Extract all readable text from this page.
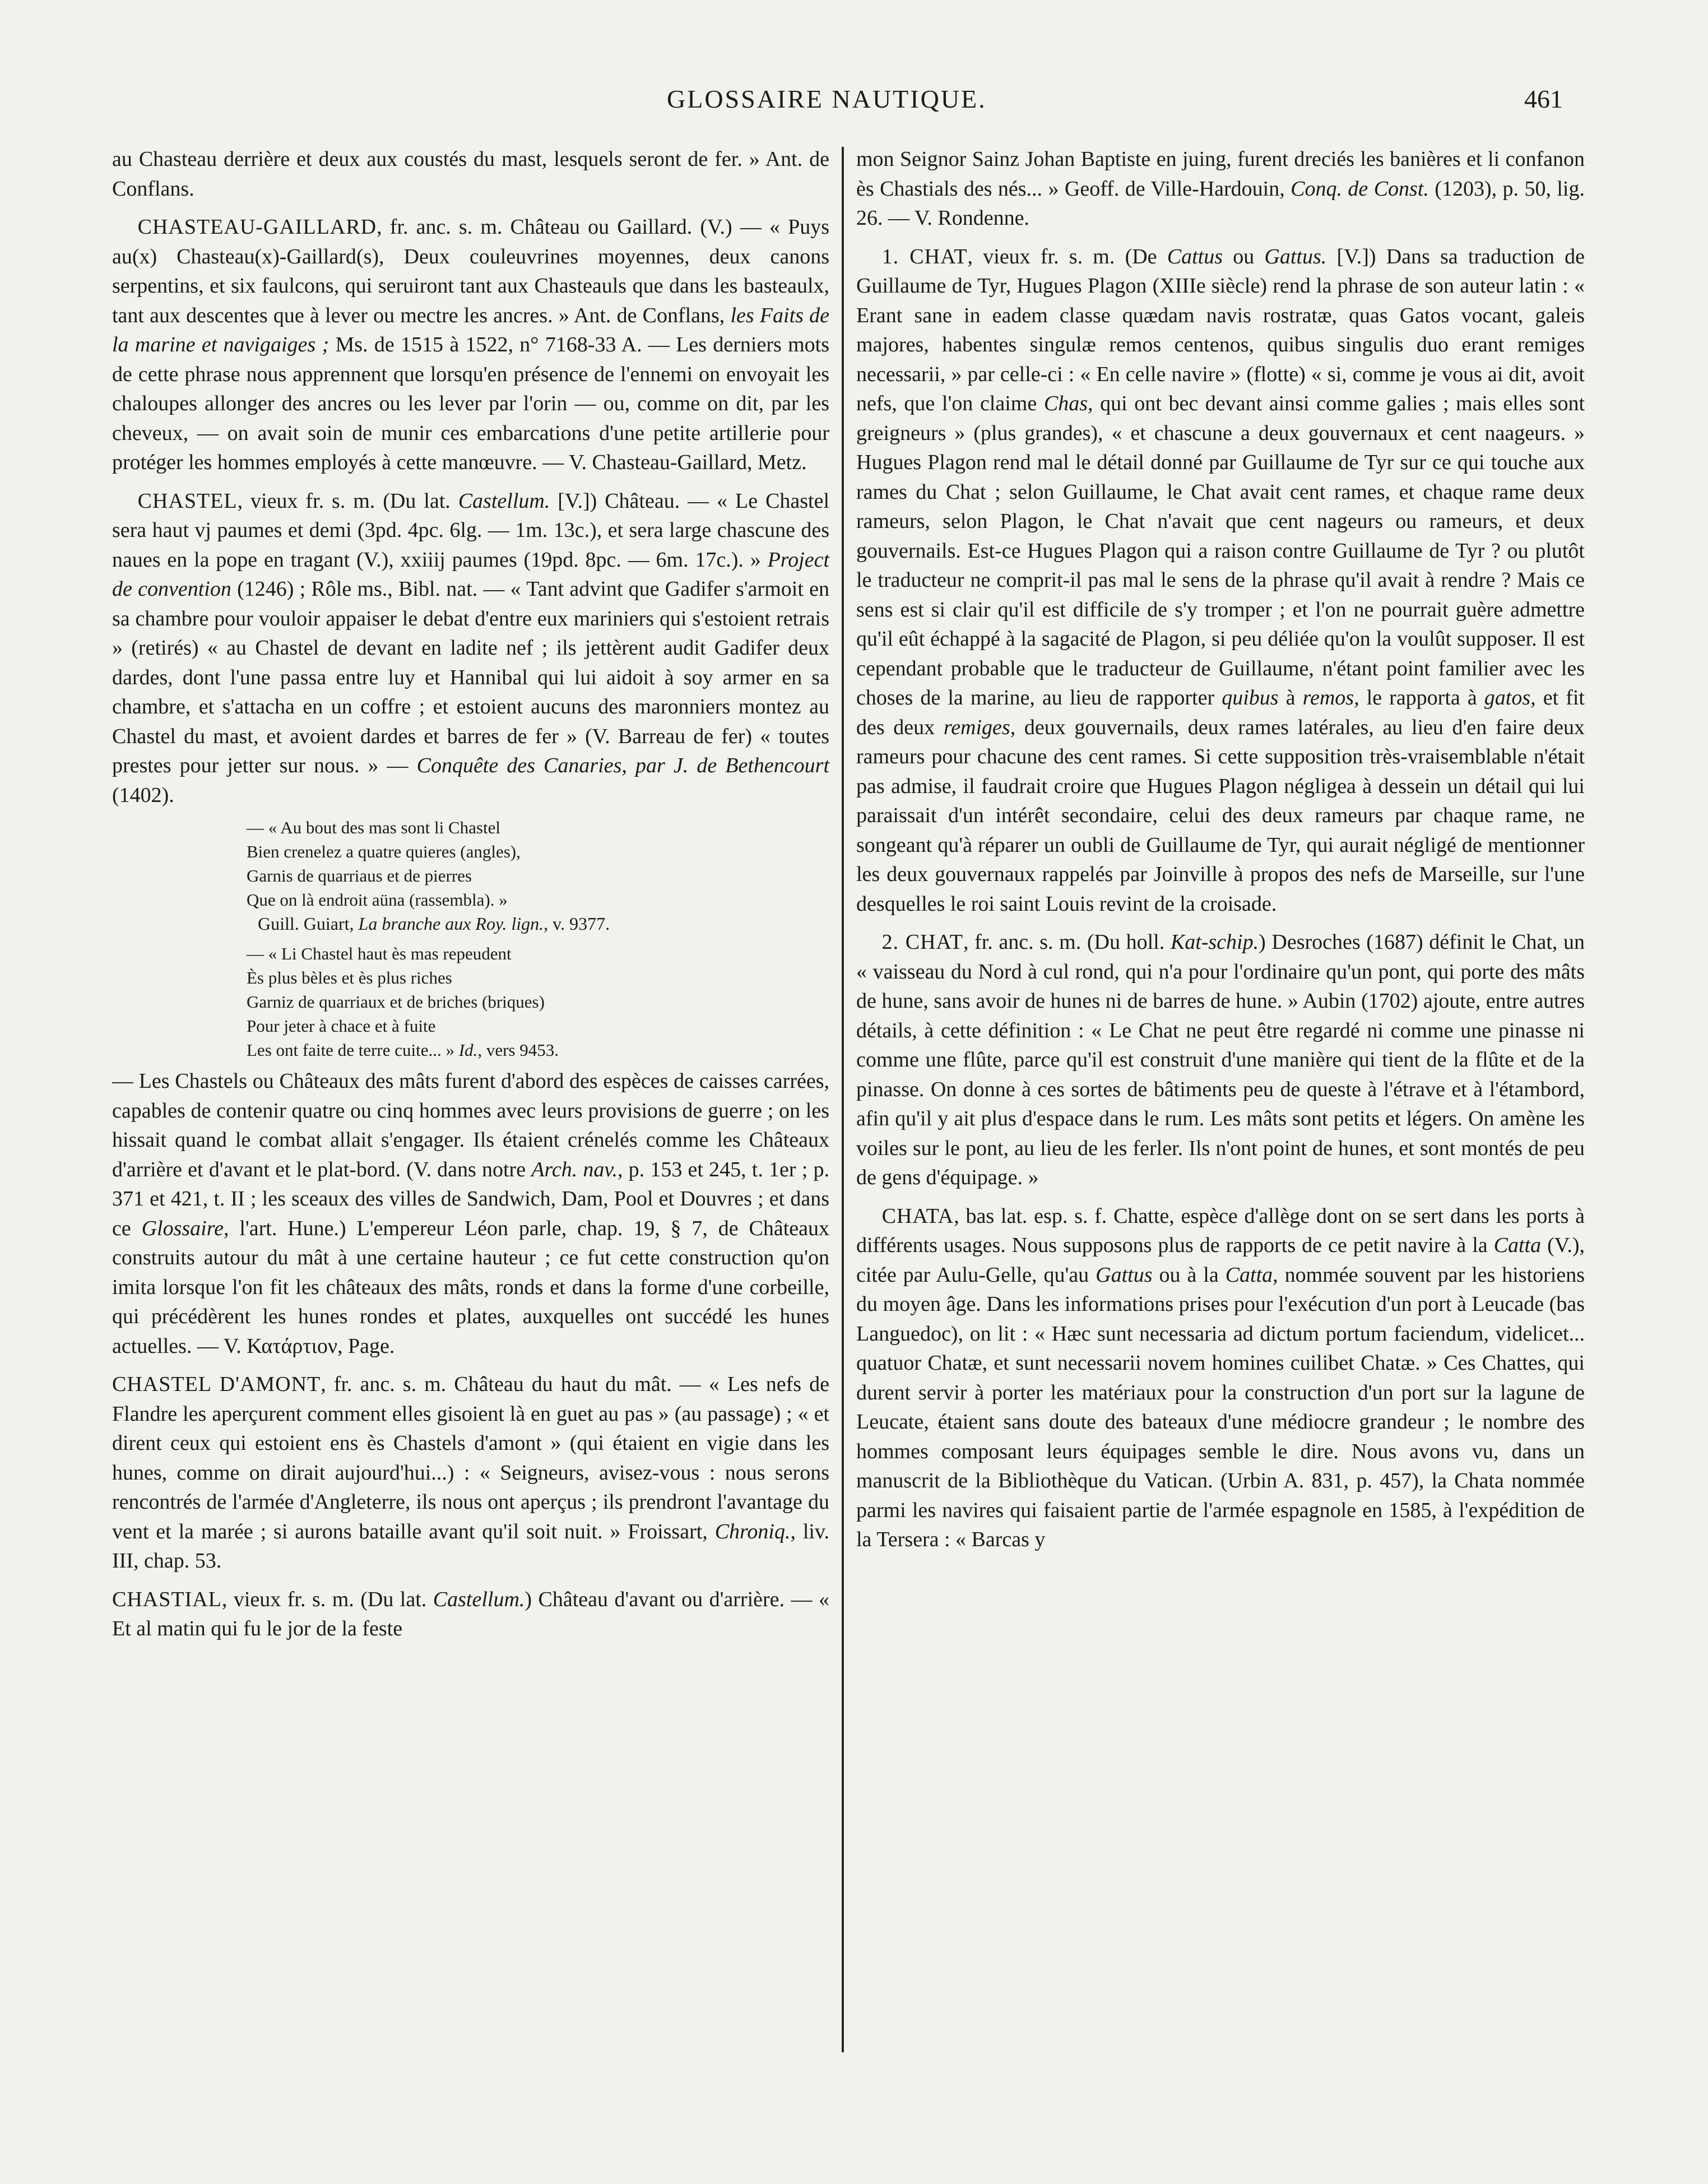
GLOSSAIRE NAUTIQUE.	461

au Chasteau derrière et deux aux coustés du mast, lesquels seront de fer. » Ant. de Conflans.

CHASTEAU-GAILLARD, fr. anc. s. m. Château ou Gaillard. (V.) — « Puys au(x) Chasteau(x)-Gaillard(s), Deux couleuvrines moyennes, deux canons serpentins, et six faulcons, qui seruiront tant aux Chasteauls que dans les basteaulx, tant aux descentes que à lever ou mectre les ancres. » Ant. de Conflans, les Faits de la marine et navigaiges ; Ms. de 1515 à 1522, n° 7168-33 A. — Les derniers mots de cette phrase nous apprennent que lorsqu'en présence de l'ennemi on envoyait les chaloupes allonger des ancres ou les lever par l'orin — ou, comme on dit, par les cheveux, — on avait soin de munir ces embarcations d'une petite artillerie pour protéger les hommes employés à cette manœuvre. — V. Chasteau-Gaillard, Metz.

CHASTEL, vieux fr. s. m. (Du lat. Castellum. [V.]) Château. — « Le Chastel sera haut vj paumes et demi (3pd. 4pc. 6lg. — 1m. 13c.), et sera large chascune des naues en la pope en tragant (V.), xxiiij paumes (19pd. 8pc. — 6m. 17c.). » Project de convention (1246) ; Rôle ms., Bibl. nat. — « Tant advint que Gadifer s'armoit en sa chambre pour vouloir appaiser le debat d'entre eux mariniers qui s'estoient retrais » (retirés) « au Chastel de devant en ladite nef ; ils jettèrent audit Gadifer deux dardes, dont l'une passa entre luy et Hannibal qui lui aidoit à soy armer en sa chambre, et s'attacha en un coffre ; et estoient aucuns des maronniers montez au Chastel du mast, et avoient dardes et barres de fer » (V. Barreau de fer) « toutes prestes pour jetter sur nous. » — Conquête des Canaries, par J. de Bethencourt (1402).

— « Au bout des mas sont li Chastel
Bien crenelez a quatre quieres (angles),
Garnis de quarriaus et de pierres
Que on là endroit aüna (rassembla). »
Guill. Guiart, La branche aux Roy. lign., v. 9377.
— « Li Chastel haut ès mas repeudent
Ès plus bèles et ès plus riches
Garniz de quarriaux et de briches (briques)
Pour jeter à chace et à fuite
Les ont faite de terre cuite... » Id., vers 9453.

— Les Chastels ou Châteaux des mâts furent d'abord des espèces de caisses carrées, capables de contenir quatre ou cinq hommes avec leurs provisions de guerre ; on les hissait quand le combat allait s'engager. Ils étaient crénelés comme les Châteaux d'arrière et d'avant et le plat-bord. (V. dans notre Arch. nav., p. 153 et 245, t. 1er ; p. 371 et 421, t. II ; les sceaux des villes de Sandwich, Dam, Pool et Douvres ; et dans ce Glossaire, l'art. Hune.) L'empereur Léon parle, chap. 19, § 7, de Châteaux construits autour du mât à une certaine hauteur ; ce fut cette construction qu'on imita lorsque l'on fit les châteaux des mâts, ronds et dans la forme d'une corbeille, qui précédèrent les hunes rondes et plates, auxquelles ont succédé les hunes actuelles. — V. Κατάρτιον, Page.

CHASTEL D'AMONT, fr. anc. s. m. Château du haut du mât. — « Les nefs de Flandre les aperçurent comment elles gisoient là en guet au pas » (au passage) ; « et dirent ceux qui estoient ens ès Chastels d'amont » (qui étaient en vigie dans les hunes, comme on dirait aujourd'hui...) : « Seigneurs, avisez-vous : nous serons rencontrés de l'armée d'Angleterre, ils nous ont aperçus ; ils prendront l'avantage du vent et la marée ; si aurons bataille avant qu'il soit nuit. » Froissart, Chroniq., liv. III, chap. 53.

CHASTIAL, vieux fr. s. m. (Du lat. Castellum.) Château d'avant ou d'arrière. — « Et al matin qui fu le jor de la feste

mon Seignor Sainz Johan Baptiste en juing, furent dreciés les banières et li confanon ès Chastials des nés... » Geoff. de Ville-Hardouin, Conq. de Const. (1203), p. 50, lig. 26. — V. Rondenne.

1. CHAT, vieux fr. s. m. (De Cattus ou Gattus. [V.]) Dans sa traduction de Guillaume de Tyr, Hugues Plagon (XIIIe siècle) rend la phrase de son auteur latin : « Erant sane in eadem classe quædam navis rostratæ, quas Gatos vocant, galeis majores, habentes singulæ remos centenos, quibus singulis duo erant remiges necessarii, » par celle-ci : « En celle navire » (flotte) « si, comme je vous ai dit, avoit nefs, que l'on claime Chas, qui ont bec devant ainsi comme galies ; mais elles sont greigneurs » (plus grandes), « et chascune a deux gouvernaux et cent naageurs. » Hugues Plagon rend mal le détail donné par Guillaume de Tyr sur ce qui touche aux rames du Chat ; selon Guillaume, le Chat avait cent rames, et chaque rame deux rameurs, selon Plagon, le Chat n'avait que cent nageurs ou rameurs, et deux gouvernails. Est-ce Hugues Plagon qui a raison contre Guillaume de Tyr ? ou plutôt le traducteur ne comprit-il pas mal le sens de la phrase qu'il avait à rendre ? Mais ce sens est si clair qu'il est difficile de s'y tromper ; et l'on ne pourrait guère admettre qu'il eût échappé à la sagacité de Plagon, si peu déliée qu'on la voulût supposer. Il est cependant probable que le traducteur de Guillaume, n'étant point familier avec les choses de la marine, au lieu de rapporter quibus à remos, le rapporta à gatos, et fit des deux remiges, deux gouvernails, deux rames latérales, au lieu d'en faire deux rameurs pour chacune des cent rames. Si cette supposition très-vraisemblable n'était pas admise, il faudrait croire que Hugues Plagon négligea à dessein un détail qui lui paraissait d'un intérêt secondaire, celui des deux rameurs par chaque rame, ne songeant qu'à réparer un oubli de Guillaume de Tyr, qui aurait négligé de mentionner les deux gouvernaux rappelés par Joinville à propos des nefs de Marseille, sur l'une desquelles le roi saint Louis revint de la croisade.

2. CHAT, fr. anc. s. m. (Du holl. Kat-schip.) Desroches (1687) définit le Chat, un « vaisseau du Nord à cul rond, qui n'a pour l'ordinaire qu'un pont, qui porte des mâts de hune, sans avoir de hunes ni de barres de hune. » Aubin (1702) ajoute, entre autres détails, à cette définition : « Le Chat ne peut être regardé ni comme une pinasse ni comme une flûte, parce qu'il est construit d'une manière qui tient de la flûte et de la pinasse. On donne à ces sortes de bâtiments peu de queste à l'étrave et à l'étambord, afin qu'il y ait plus d'espace dans le rum. Les mâts sont petits et légers. On amène les voiles sur le pont, au lieu de les ferler. Ils n'ont point de hunes, et sont montés de peu de gens d'équipage. »

CHATA, bas lat. esp. s. f. Chatte, espèce d'allège dont on se sert dans les ports à différents usages. Nous supposons plus de rapports de ce petit navire à la Catta (V.), citée par Aulu-Gelle, qu'au Gattus ou à la Catta, nommée souvent par les historiens du moyen âge. Dans les informations prises pour l'exécution d'un port à Leucade (bas Languedoc), on lit : « Hæc sunt necessaria ad dictum portum faciendum, videlicet... quatuor Chatæ, et sunt necessarii novem homines cuilibet Chatæ. » Ces Chattes, qui durent servir à porter les matériaux pour la construction d'un port sur la lagune de Leucate, étaient sans doute des bateaux d'une médiocre grandeur ; le nombre des hommes composant leurs équipages semble le dire. Nous avons vu, dans un manuscrit de la Bibliothèque du Vatican. (Urbin A. 831, p. 457), la Chata nommée parmi les navires qui faisaient partie de l'armée espagnole en 1585, à l'expédition de la Tersera : « Barcas y
